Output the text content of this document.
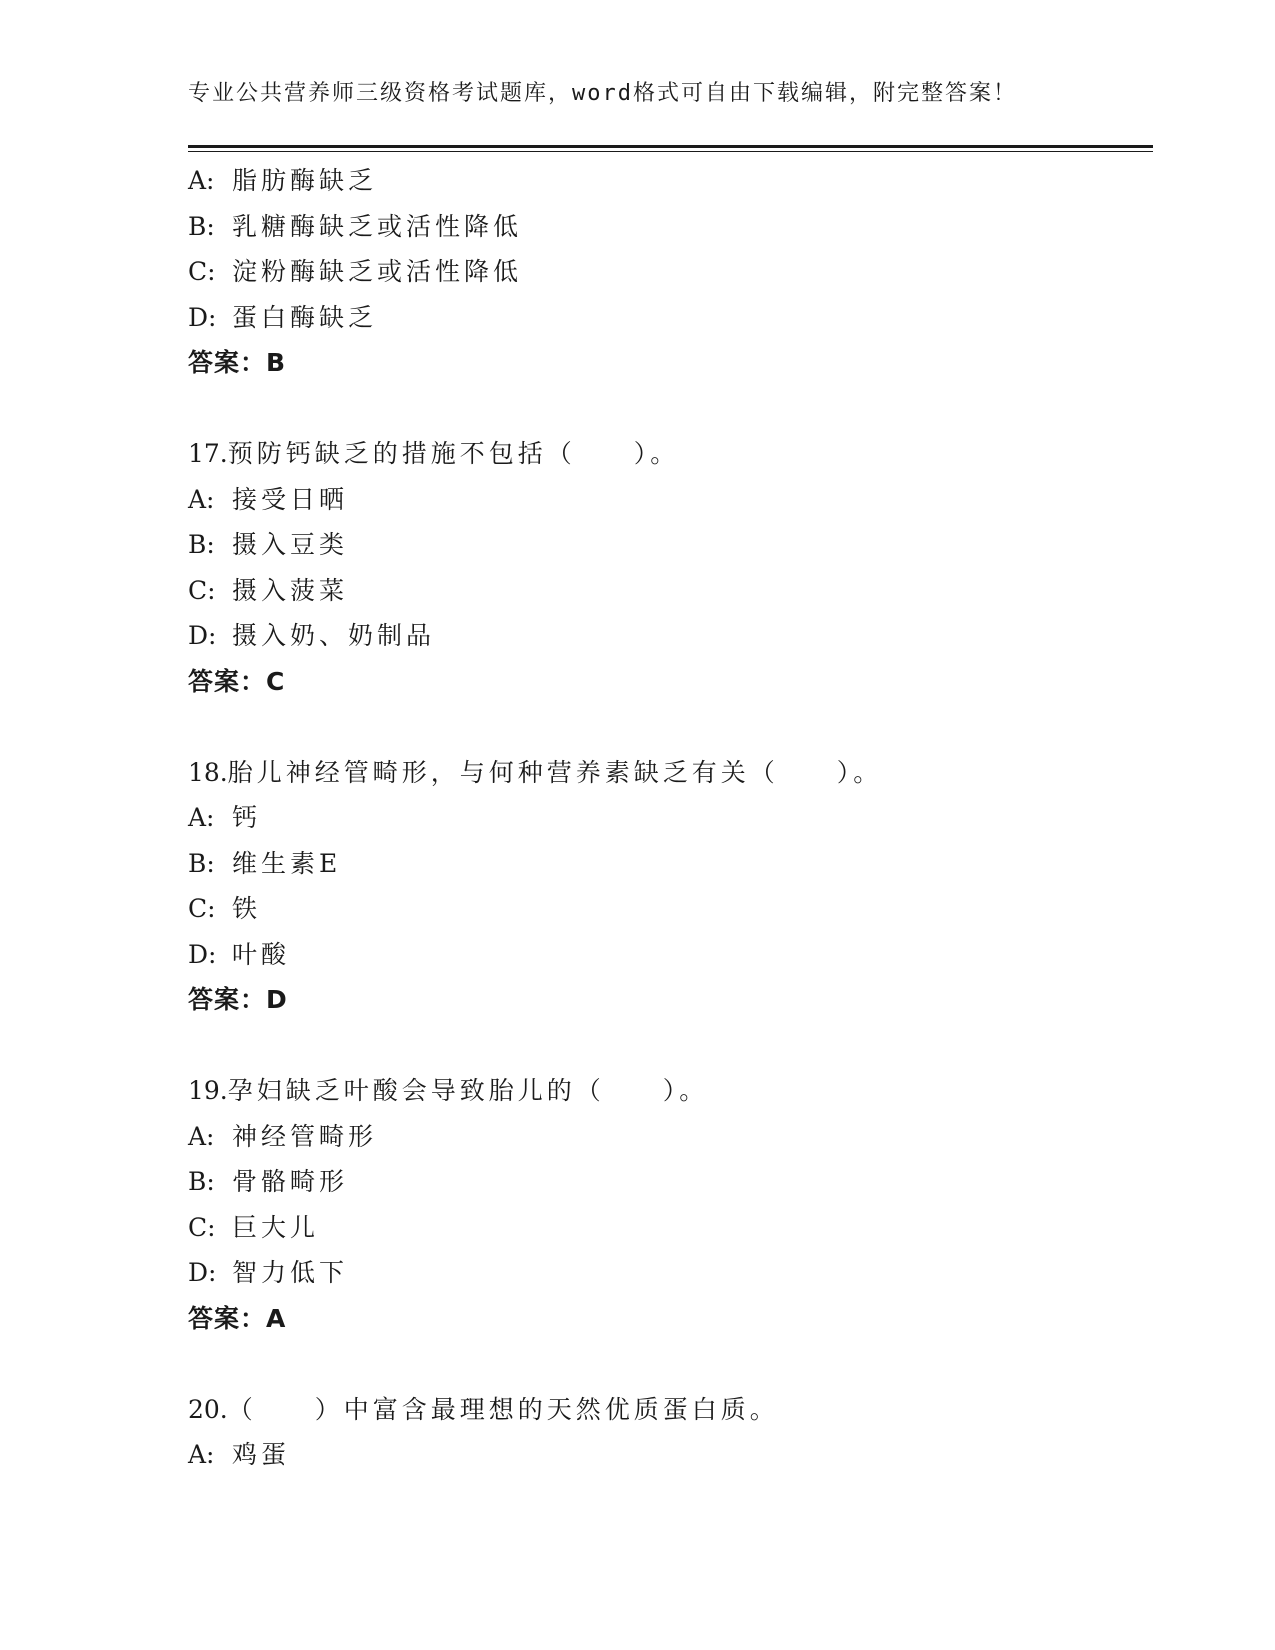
专业公共营养师三级资格考试题库，word格式可自由下载编辑，附完整答案！
A: 脂肪酶缺乏
B: 乳糖酶缺乏或活性降低
C: 淀粉酶缺乏或活性降低
D: 蛋白酶缺乏
答案：B
17.预防钙缺乏的措施不包括（　　）。
A: 接受日晒
B: 摄入豆类
C: 摄入菠菜
D: 摄入奶、奶制品
答案：C
18.胎儿神经管畸形，与何种营养素缺乏有关（　　）。
A: 钙
B: 维生素E
C: 铁
D: 叶酸
答案：D
19.孕妇缺乏叶酸会导致胎儿的（　　）。
A: 神经管畸形
B: 骨骼畸形
C: 巨大儿
D: 智力低下
答案：A
20.（　　）中富含最理想的天然优质蛋白质。
A: 鸡蛋
